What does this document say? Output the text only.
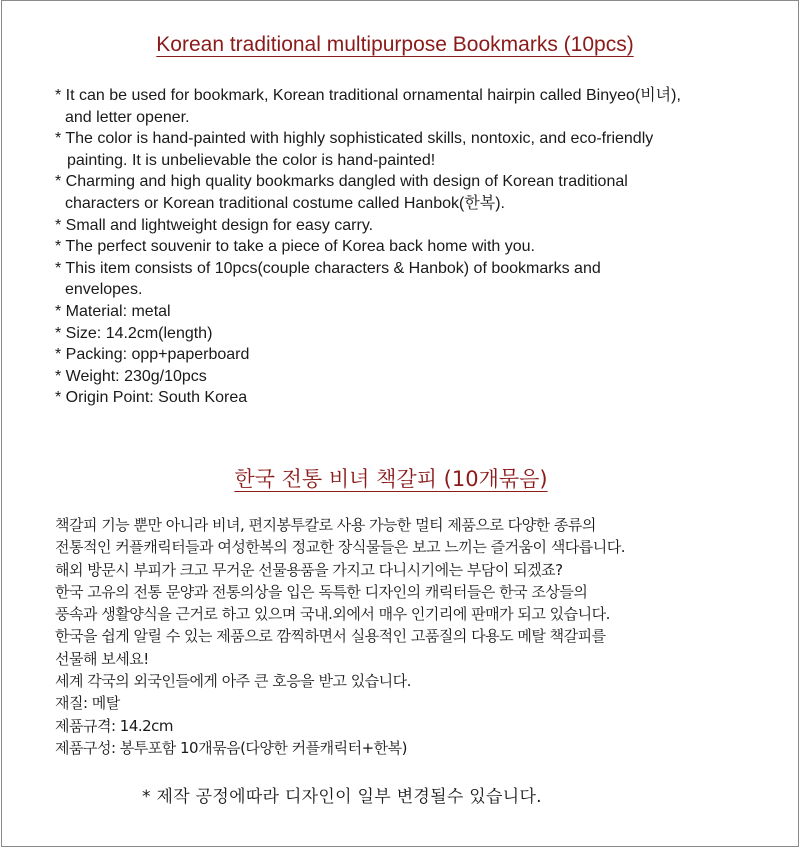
Korean traditional multipurpose Bookmarks (10pcs)

* It can be used for bookmark, Korean traditional ornamental hairpin called Binyeo(비녀),

and letter opener.

* The color is hand-painted with highly sophisticated skills, nontoxic, and eco-friendly

painting. It is unbelievable the color is hand-painted!

* Charming and high quality bookmarks dangled with design of Korean traditional

characters or Korean traditional costume called Hanbok(한복).

* Small and lightweight design for easy carry.

* The perfect souvenir to take a piece of Korea back home with you.

* This item consists of 10pcs(couple characters & Hanbok) of bookmarks and

envelopes.

* Material: metal

* Size: 14.2cm(length)

* Packing: opp+paperboard

* Weight: 230g/10pcs

* Origin Point: South Korea

한국 전통 비녀 책갈피 (10개묶음)

책갈피 기능 뿐만 아니라 비녀, 편지봉투칼로 사용 가능한 멀티 제품으로 다양한 종류의

전통적인 커플캐릭터들과 여성한복의 정교한 장식물들은 보고 느끼는 즐거움이 색다릅니다.

해외 방문시 부피가 크고 무거운 선물용품을 가지고 다니시기에는 부담이 되겠죠?

한국 고유의 전통 문양과 전통의상을 입은 독특한 디자인의 캐릭터들은 한국 조상들의

풍속과 생활양식을 근거로 하고 있으며 국내.외에서 매우 인기리에 판매가 되고 있습니다.

한국을 쉽게 알릴 수 있는 제품으로 깜찍하면서 실용적인 고품질의 다용도 메탈 책갈피를

선물해 보세요!

세계 각국의 외국인들에게 아주 큰 호응을 받고 있습니다.

재질: 메탈

제품규격: 14.2cm

제품구성: 봉투포함 10개묶음(다양한 커플캐릭터+한복)

* 제작 공정에따라 디자인이 일부 변경될수 있습니다.
